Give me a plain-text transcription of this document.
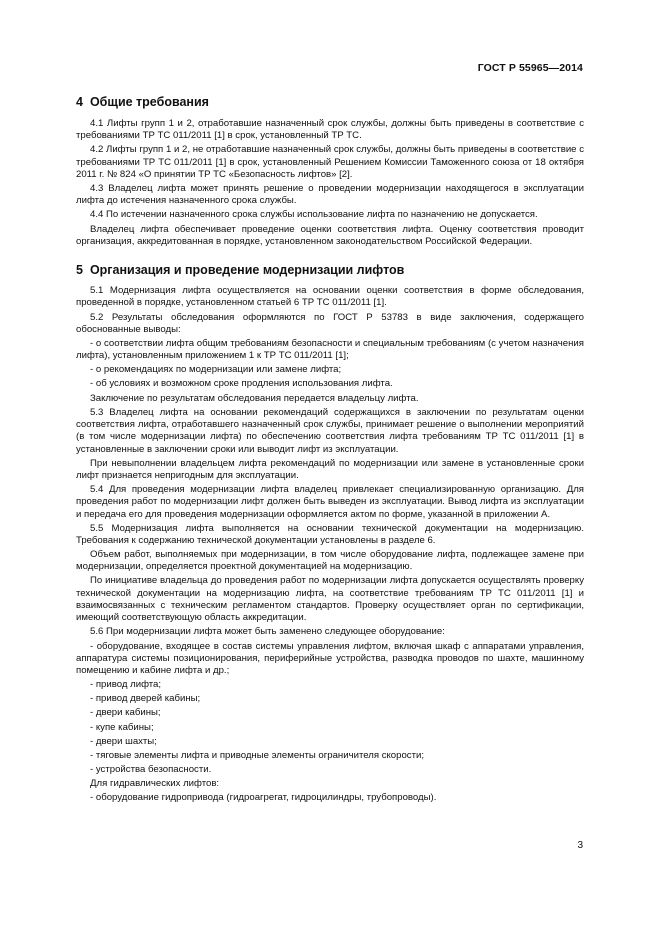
ГОСТ Р 55965—2014
4 Общие требования

4.1 Лифты групп 1 и 2, отработавшие назначенный срок службы, должны быть приведены в соответствие с требованиями ТР ТС 011/2011 [1] в срок, установленный ТР ТС.

4.2 Лифты групп 1 и 2, не отработавшие назначенный срок службы, должны быть приведены в соответствие с требованиями ТР ТС 011/2011 [1] в срок, установленный Решением Комиссии Таможенного союза от 18 октября 2011 г. № 824 «О принятии ТР ТС «Безопасность лифтов» [2].

4.3 Владелец лифта может принять решение о проведении модернизации находящегося в эксплуатации лифта до истечения назначенного срока службы.

4.4 По истечении назначенного срока службы использование лифта по назначению не допускается.

Владелец лифта обеспечивает проведение оценки соответствия лифта. Оценку соответствия проводит организация, аккредитованная в порядке, установленном законодательством Российской Федерации.

5 Организация и проведение модернизации лифтов

5.1 Модернизация лифта осуществляется на основании оценки соответствия в форме обследования, проведенной в порядке, установленном статьей 6 ТР ТС 011/2011 [1].

5.2 Результаты обследования оформляются по ГОСТ Р 53783 в виде заключения, содержащего обоснованные выводы:

- о соответствии лифта общим требованиям безопасности и специальным требованиям (с учетом назначения лифта), установленным приложением 1 к ТР ТС 011/2011 [1];

- о рекомендациях по модернизации или замене лифта;

- об условиях и возможном сроке продления использования лифта.

Заключение по результатам обследования передается владельцу лифта.

5.3 Владелец лифта на основании рекомендаций содержащихся в заключении по результатам оценки соответствия лифта, отработавшего назначенный срок службы, принимает решение о выполнении мероприятий (в том числе модернизации лифта) по обеспечению соответствия лифта требованиям ТР ТС 011/2011 [1] в установленные в заключении сроки или выводит лифт из эксплуатации.

При невыполнении владельцем лифта рекомендаций по модернизации или замене в установленные сроки лифт признается непригодным для эксплуатации.

5.4 Для проведения модернизации лифта владелец привлекает специализированную организацию. Для проведения работ по модернизации лифт должен быть выведен из эксплуатации. Вывод лифта из эксплуатации и передача его для проведения модернизации оформляется актом по форме, указанной в приложении А.

5.5 Модернизация лифта выполняется на основании технической документации на модернизацию. Требования к содержанию технической документации установлены в разделе 6.

Объем работ, выполняемых при модернизации, в том числе оборудование лифта, подлежащее замене при модернизации, определяется проектной документацией на модернизацию.

По инициативе владельца до проведения работ по модернизации лифта допускается осуществлять проверку технической документации на модернизацию лифта, на соответствие требованиям ТР ТС 011/2011 [1] и взаимосвязанных с техническим регламентом стандартов. Проверку осуществляет орган по сертификации, имеющий соответствующую область аккредитации.

5.6 При модернизации лифта может быть заменено следующее оборудование:

- оборудование, входящее в состав системы управления лифтом, включая шкаф с аппаратами управления, аппаратура системы позиционирования, периферийные устройства, разводка проводов по шахте, машинному помещению и кабине лифта и др.;

- привод лифта;

- привод дверей кабины;

- двери кабины;

- купе кабины;

- двери шахты;

- тяговые элементы лифта и приводные элементы ограничителя скорости;

- устройства безопасности.

Для гидравлических лифтов:

- оборудование гидропривода (гидроагрегат, гидроцилиндры, трубопроводы).

3
